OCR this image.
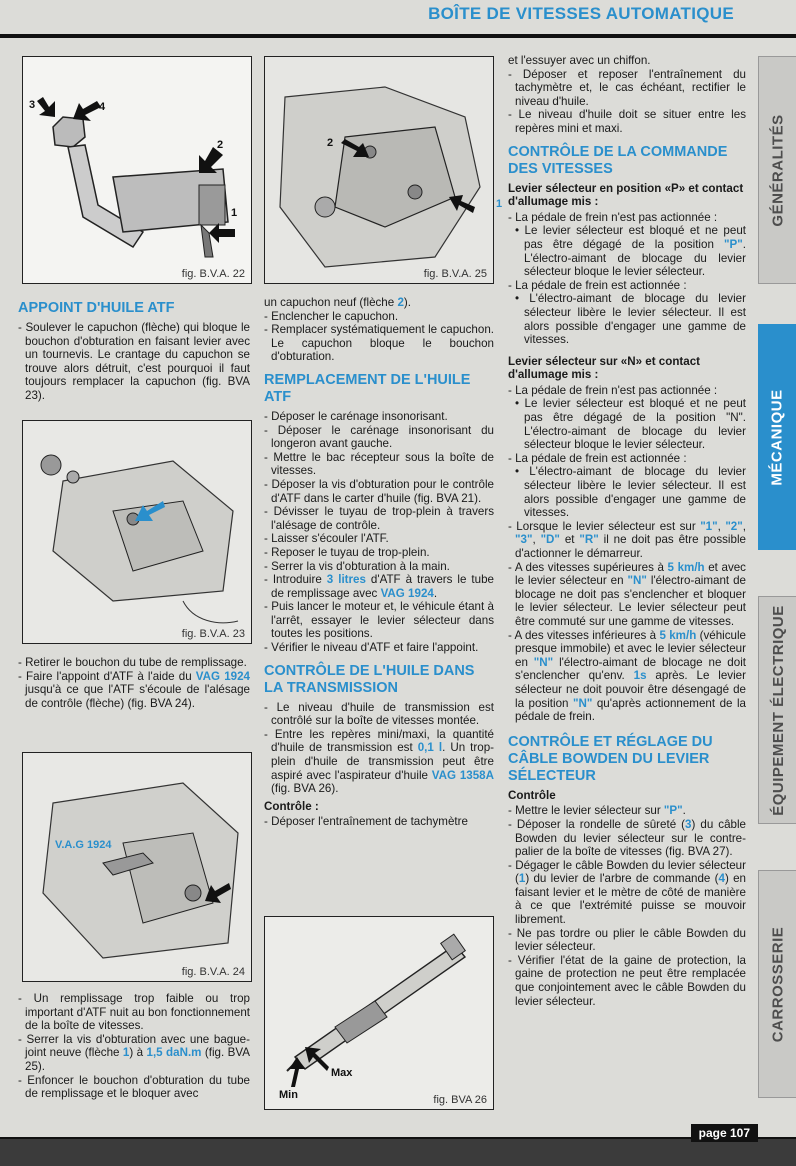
BOÎTE DE VITESSES AUTOMATIQUE
3	4
2
1
fig. B.V.A. 22
2
fig. B.V.A. 25
1
fig. B.V.A. 23
V.A.G 1924
fig. B.V.A. 24
Min
Max
fig. BVA 26
APPOINT D'HUILE ATF

- Soulever le capuchon (flèche) qui bloque le bouchon d'obturation en faisant levier avec un tournevis. Le crantage du capuchon se trouve alors détruit, c'est pourquoi il faut toujours remplacer la capuchon (fig. BVA 23).

- Retirer le bouchon du tube de remplissage.

- Faire l'appoint d'ATF à l'aide du VAG 1924 jusqu'à ce que l'ATF s'écoule de l'alésage de contrôle (flèche) (fig. BVA 24).

- Un remplissage trop faible ou trop important d'ATF nuit au bon fonctionnement de la boîte de vitesses.

- Serrer la vis d'obturation avec une bague-joint neuve (flèche 1) à 1,5 daN.m (fig. BVA 25).

- Enfoncer le bouchon d'obturation du tube de remplissage et le bloquer avec

un capuchon neuf (flèche 2).

- Enclencher le capuchon.

- Remplacer systématiquement le capuchon. Le capuchon bloque le bouchon d'obturation.

REMPLACEMENT DE L'HUILE ATF

- Déposer le carénage insonorisant.

- Déposer le carénage insonorisant du longeron avant gauche.

- Mettre le bac récepteur sous la boîte de vitesses.

- Déposer la vis d'obturation pour le contrôle d'ATF dans le carter d'huile (fig. BVA 21).

- Dévisser le tuyau de trop-plein à travers l'alésage de contrôle.

- Laisser s'écouler l'ATF.

- Reposer le tuyau de trop-plein.

- Serrer la vis d'obturation à la main.

- Introduire 3 litres d'ATF à travers le tube de remplissage avec VAG 1924.

- Puis lancer le moteur et, le véhicule étant à l'arrêt, essayer le levier sélecteur dans toutes les positions.

- Vérifier le niveau d'ATF et faire l'appoint.

CONTRÔLE DE L'HUILE DANS LA TRANSMISSION

- Le niveau d'huile de transmission est contrôlé sur la boîte de vitesses montée.

- Entre les repères mini/maxi, la quantité d'huile de transmission est 0,1 l. Un trop-plein d'huile de transmission peut être aspiré avec l'aspirateur d'huile VAG 1358A (fig. BVA 26).

Contrôle :

- Déposer l'entraînement de tachymètre

et l'essuyer avec un chiffon.

- Déposer et reposer l'entraînement du tachymètre et, le cas échéant, rectifier le niveau d'huile.

- Le niveau d'huile doit se situer entre les repères mini et maxi.

CONTRÔLE DE LA COMMANDE DES VITESSES
Levier sélecteur en position «P» et contact d'allumage mis :

- La pédale de frein n'est pas actionnée :

• Le levier sélecteur est bloqué et ne peut pas être dégagé de la position "P". L'électro-aimant de blocage du levier sélecteur bloque le levier sélecteur.

- La pédale de frein est actionnée :

• L'électro-aimant de blocage du levier sélecteur libère le levier sélecteur. Il est alors possible d'engager une gamme de vitesses.

Levier sélecteur sur «N» et contact d'allumage mis :

- La pédale de frein n'est pas actionnée :

• Le levier sélecteur est bloqué et ne peut pas être dégagé de la position "N". L'électro-aimant de blocage du levier sélecteur bloque le levier sélecteur.

- La pédale de frein est actionnée :

• L'électro-aimant de blocage du levier sélecteur libère le levier sélecteur. Il est alors possible d'engager une gamme de vitesses.

- Lorsque le levier sélecteur est sur "1", "2", "3", "D" et "R" il ne doit pas être possible d'actionner le démarreur.

- A des vitesses supérieures à 5 km/h et avec le levier sélecteur en "N" l'électro-aimant de blocage ne doit pas s'enclencher et bloquer le levier sélecteur. Le levier sélecteur peut être commuté sur une gamme de vitesses.

- A des vitesses inférieures à 5 km/h (véhicule presque immobile) et avec le levier sélecteur en "N" l'électro-aimant de blocage ne doit s'enclencher qu'env. 1s après. Le levier sélecteur ne doit pouvoir être désengagé de la position "N" qu'après actionnement de la pédale de frein.

CONTRÔLE ET RÉGLAGE DU CÂBLE BOWDEN DU LEVIER SÉLECTEUR
Contrôle

- Mettre le levier sélecteur sur "P".

- Déposer la rondelle de sûreté (3) du câble Bowden du levier sélecteur sur le contre-palier de la boîte de vitesses (fig. BVA 27).

- Dégager le câble Bowden du levier sélecteur (1) du levier de l'arbre de commande (4) en faisant levier et le mètre de côté de manière à ce que l'extrémité puisse se mouvoir librement.

- Ne pas tordre ou plier le câble Bowden du levier sélecteur.

- Vérifier l'état de la gaine de protection, la gaine de protection ne peut être remplacée que conjointement avec le câble Bowden du levier sélecteur.

GÉNÉRALITÉS
MÉCANIQUE
ÉQUIPEMENT ÉLECTRIQUE
CARROSSERIE
page 107
